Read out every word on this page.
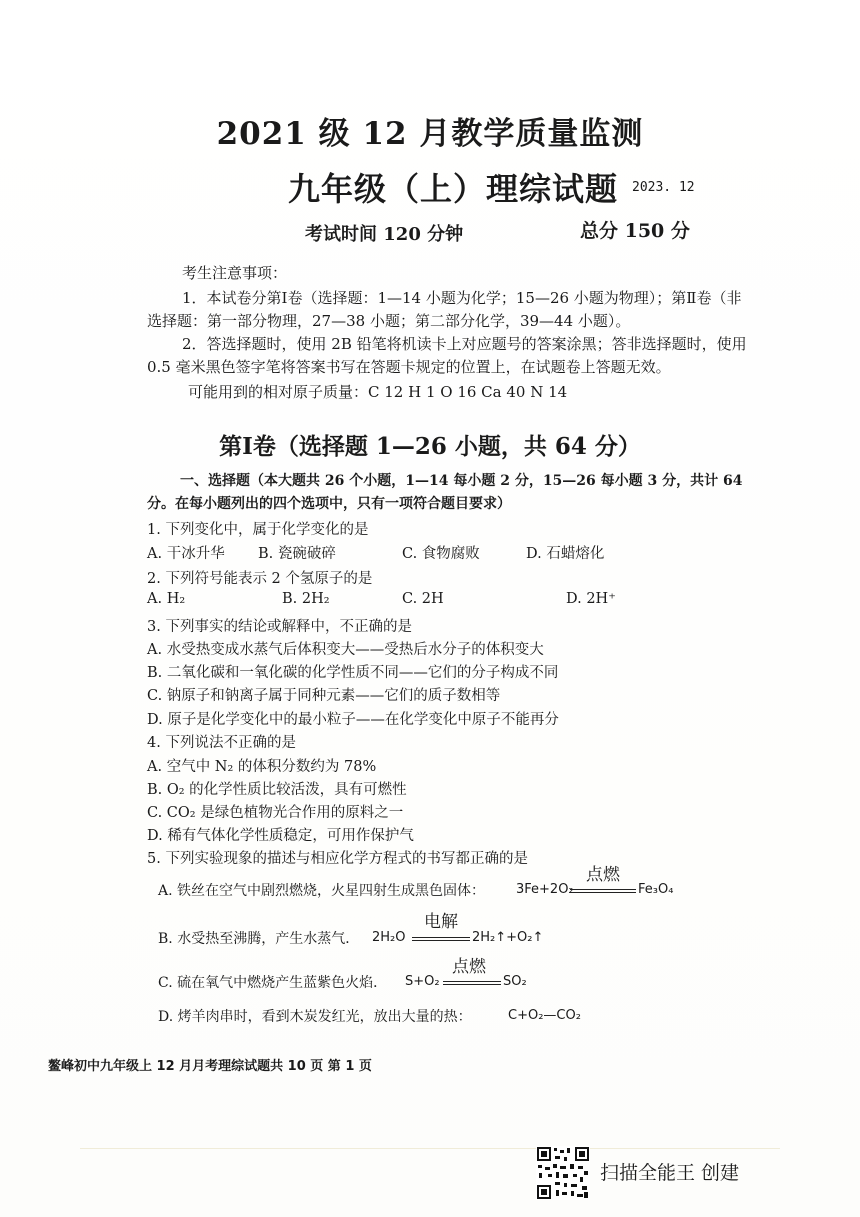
2021 级 12 月教学质量监测
九年级（上）理综试题 2023. 12
考试时间 120 分钟	总分 150 分
考生注意事项：
1．本试卷分第Ⅰ卷（选择题：1—14 小题为化学；15—26 小题为物理）；第Ⅱ卷（非
选择题：第一部分物理，27—38 小题；第二部分化学，39—44 小题）。
2．答选择题时，使用 2B 铅笔将机读卡上对应题号的答案涂黑；答非选择题时，使用
0.5 毫米黑色签字笔将答案书写在答题卡规定的位置上，在试题卷上答题无效。
可能用到的相对原子质量：C 12 H 1 O 16 Ca 40 N 14
第Ⅰ卷（选择题 1—26 小题，共 64 分）
一、选择题（本大题共 26 个小题，1—14 每小题 2 分，15—26 每小题 3 分，共计 64
分。在每小题列出的四个选项中，只有一项符合题目要求）
1. 下列变化中，属于化学变化的是
A. 干冰升华 B. 瓷碗破碎	C. 食物腐败	D. 石蜡熔化
2. 下列符号能表示 2 个氢原子的是
A. H₂	B. 2H₂	C. 2H	D. 2H⁺
3. 下列事实的结论或解释中，不正确的是
A. 水受热变成水蒸气后体积变大——受热后水分子的体积变大
B. 二氧化碳和一氧化碳的化学性质不同——它们的分子构成不同
C. 钠原子和钠离子属于同种元素——它们的质子数相等
D. 原子是化学变化中的最小粒子——在化学变化中原子不能再分
4. 下列说法不正确的是
A. 空气中 N₂ 的体积分数约为 78%
B. O₂ 的化学性质比较活泼，具有可燃性
C. CO₂ 是绿色植物光合作用的原料之一
D. 稀有气体化学性质稳定，可用作保护气
5. 下列实验现象的描述与相应化学方程式的书写都正确的是
A. 铁丝在空气中剧烈燃烧，火星四射生成黑色固体： 3Fe+2O₂
点燃
Fe₃O₄
B. 水受热至沸腾，产生水蒸气． 2H₂O
电解
2H₂↑+O₂↑
C. 硫在氧气中燃烧产生蓝紫色火焰． S+O₂
点燃
SO₂
D. 烤羊肉串时，看到木炭发红光，放出大量的热：	C+O₂—CO₂
鳌峰初中九年级上 12 月月考理综试题共 10 页 第 1 页
扫描全能王 创建
